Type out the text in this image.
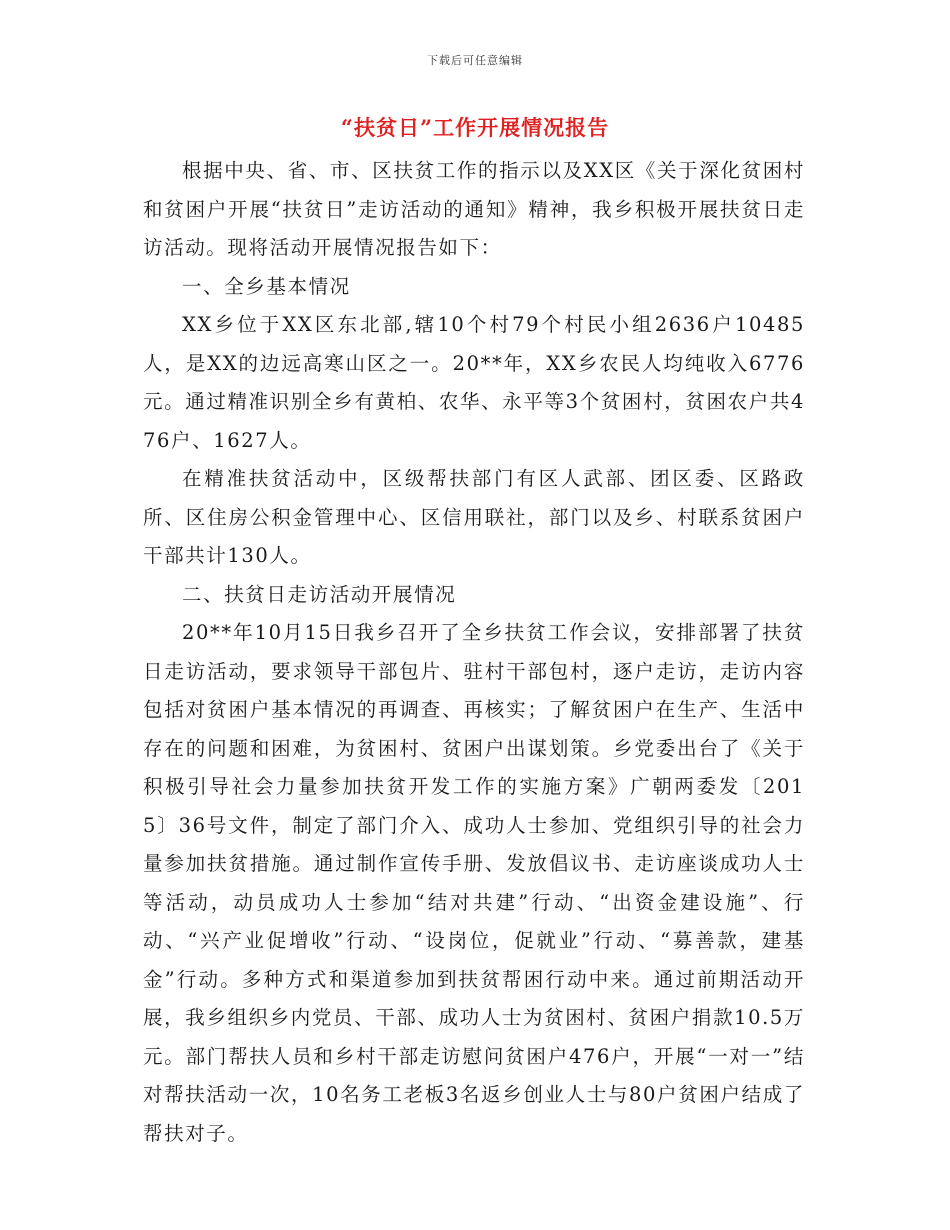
下载后可任意编辑
“扶贫日”工作开展情况报告

根据中央、省、市、区扶贫工作的指示以及XX区《关于深化贫困村和贫困户开展“扶贫日”走访活动的通知》精神，我乡积极开展扶贫日走访活动。现将活动开展情况报告如下：

一、全乡基本情况

XX乡位于XX区东北部,辖10个村79个村民小组2636户10485人，是XX的边远高寒山区之一。20**年，XX乡农民人均纯收入6776元。通过精准识别全乡有黄柏、农华、永平等3个贫困村，贫困农户共476户、1627人。

在精准扶贫活动中，区级帮扶部门有区人武部、团区委、区路政所、区住房公积金管理中心、区信用联社，部门以及乡、村联系贫困户干部共计130人。

二、扶贫日走访活动开展情况

20**年10月15日我乡召开了全乡扶贫工作会议，安排部署了扶贫日走访活动，要求领导干部包片、驻村干部包村，逐户走访，走访内容包括对贫困户基本情况的再调查、再核实；了解贫困户在生产、生活中存在的问题和困难，为贫困村、贫困户出谋划策。乡党委出台了《关于积极引导社会力量参加扶贫开发工作的实施方案》广朝两委发〔201 5〕36号文件，制定了部门介入、成功人士参加、党组织引导的社会力量参加扶贫措施。通过制作宣传手册、发放倡议书、走访座谈成功人士等活动，动员成功人士参加“结对共建”行动、“出资金建设施”、行动、“兴产业促增收”行动、“设岗位，促就业”行动、“募善款，建基金”行动。多种方式和渠道参加到扶贫帮困行动中来。通过前期活动开展，我乡组织乡内党员、干部、成功人士为贫困村、贫困户捐款10.5万元。部门帮扶人员和乡村干部走访慰问贫困户476户，开展“一对一”结对帮扶活动一次，10名务工老板3名返乡创业人士与80户贫困户结成了帮扶对子。
